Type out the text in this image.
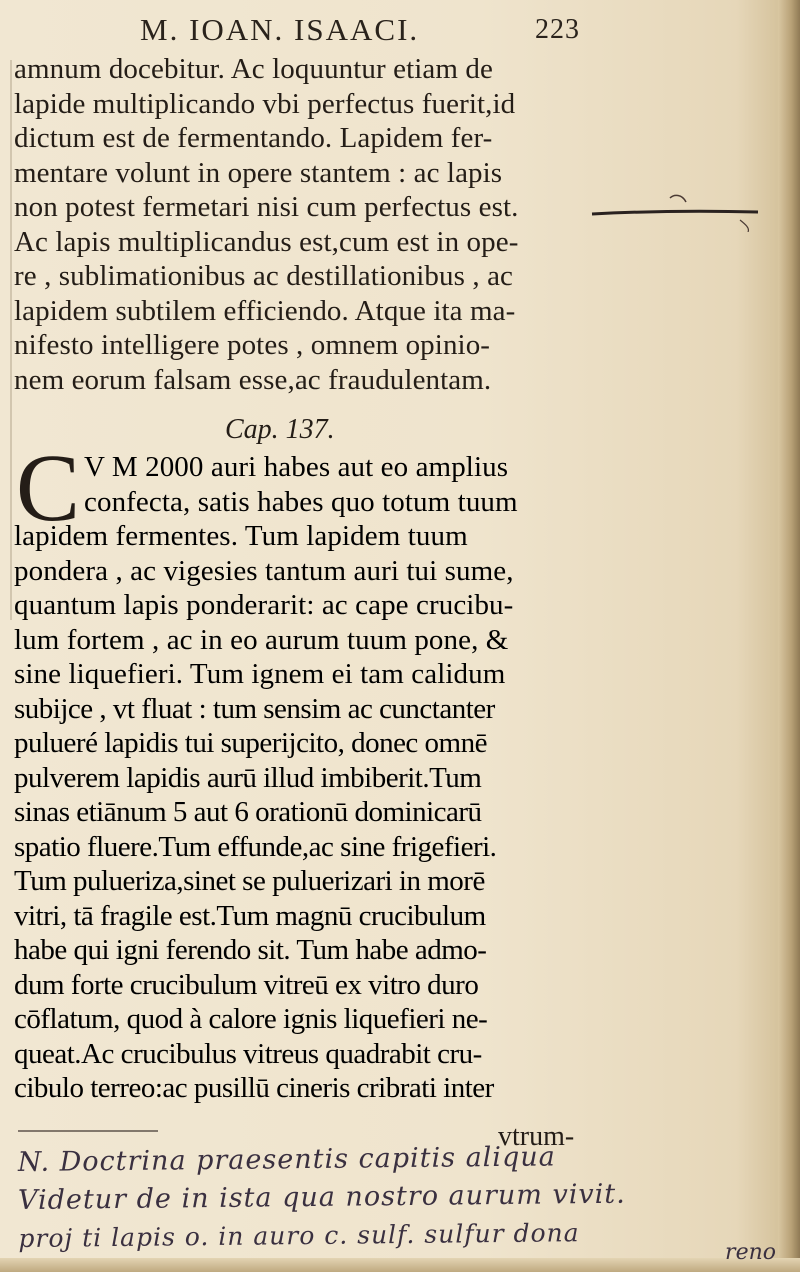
M. IOAN. ISAACI.	223
amnum docebitur. Ac loquuntur etiam de
lapide multiplicando vbi perfectus fuerit,id
dictum est de fermentando. Lapidem fer-
mentare volunt in opere stantem : ac lapis
non potest fermetari nisi cum perfectus est.
Ac lapis multiplicandus est,cum est in ope-
re , sublimationibus ac destillationibus , ac
lapidem subtilem efficiendo. Atque ita ma-
nifesto intelligere potes , omnem opinio-
nem eorum falsam esse,ac fraudulentam.
Cap. 137.
C V M 2000 auri habes aut eo amplius
confecta, satis habes quo totum tuum
lapidem fermentes. Tum lapidem tuum
pondera , ac vigesies tantum auri tui sume,
quantum lapis ponderarit: ac cape crucibu-
lum fortem , ac in eo aurum tuum pone, &
sine liquefieri. Tum ignem ei tam calidum
subijce , vt fluat : tum sensim ac cunctanter
pulueré lapidis tui superijcito, donec omnē
pulverem lapidis aurū illud imbiberit.Tum
sinas etiānum 5 aut 6 orationū dominicarū
spatio fluere.Tum effunde,ac sine frigefieri.
Tum pulueriza,sinet se puluerizari in morē
vitri, tā fragile est.Tum magnū crucibulum
habe qui igni ferendo sit. Tum habe admo-
dum forte crucibulum vitreū ex vitro duro
cōflatum, quod à calore ignis liquefieri ne-
queat.Ac crucibulus vitreus quadrabit cru-
cibulo terreo:ac pusillū cineris cribrati inter
vtrum-
N. Doctrina praesentis capitis aliqua
Videtur de in ista qua nostro aurum vivit.
proj ti lapis o. in auro c. sulf. sulfur dona	reno
